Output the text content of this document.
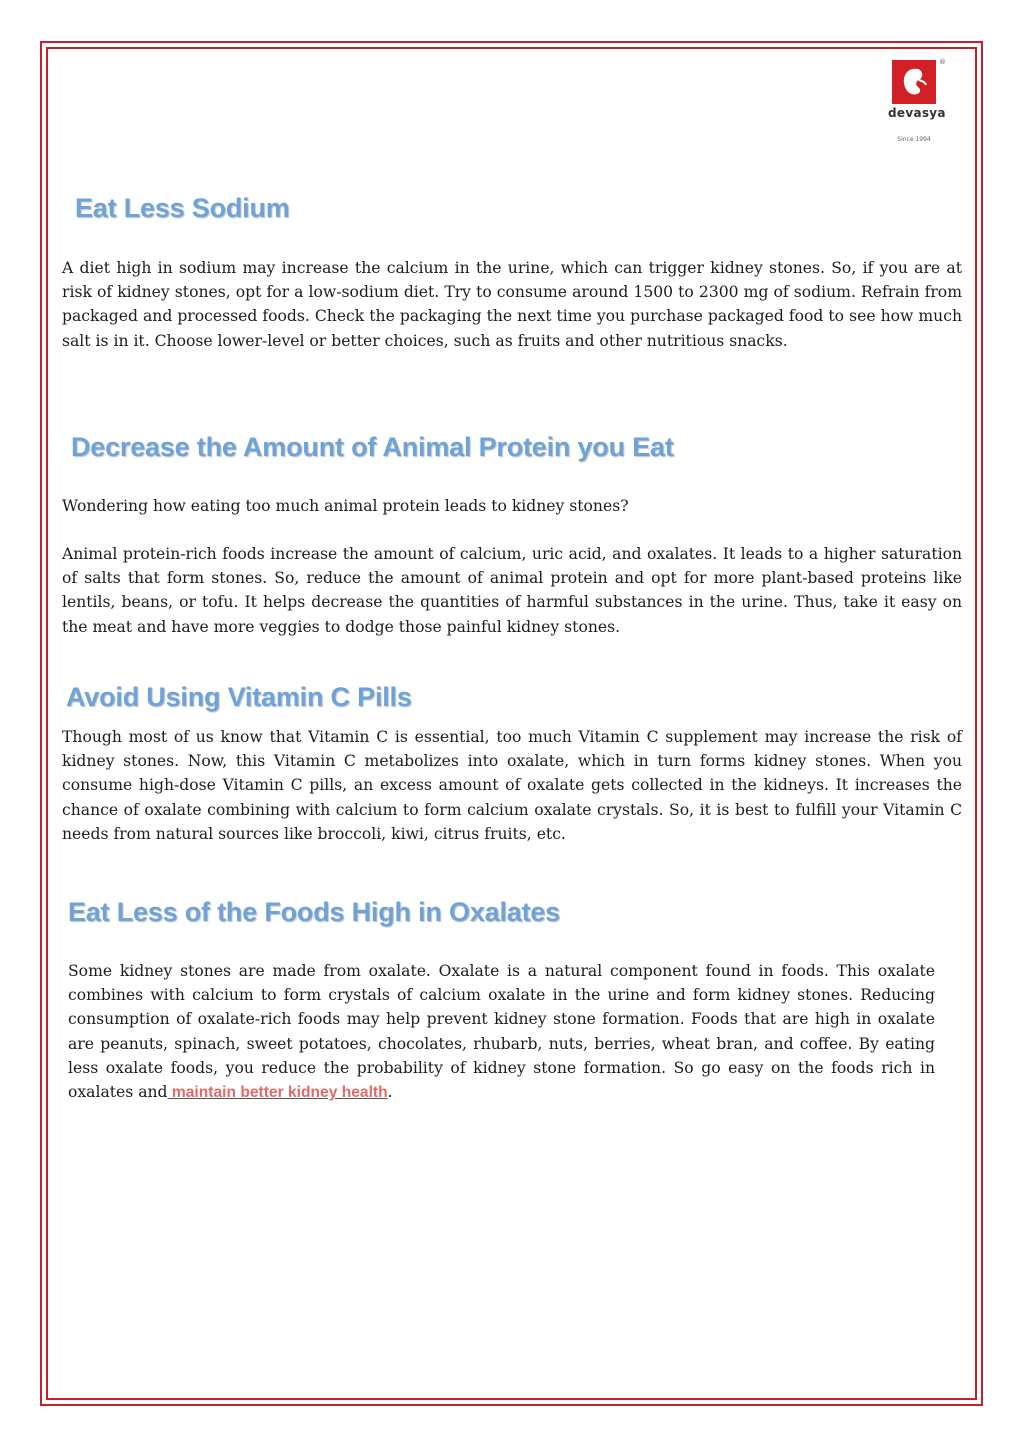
®
devasya
Since 1994
Eat Less Sodium

A diet high in sodium may increase the calcium in the urine, which can trigger kidney stones. So, if you are at risk of kidney stones, opt for a low-sodium diet. Try to consume around 1500 to 2300 mg of sodium. Refrain from packaged and processed foods. Check the packaging the next time you purchase packaged food to see how much salt is in it. Choose lower-level or better choices, such as fruits and other nutritious snacks.

Decrease the Amount of Animal Protein you Eat

Wondering how eating too much animal protein leads to kidney stones?

Animal protein-rich foods increase the amount of calcium, uric acid, and oxalates. It leads to a higher saturation of salts that form stones. So, reduce the amount of animal protein and opt for more plant-based proteins like lentils, beans, or tofu. It helps decrease the quantities of harmful substances in the urine. Thus, take it easy on the meat and have more veggies to dodge those painful kidney stones.

Avoid Using Vitamin C Pills

Though most of us know that Vitamin C is essential, too much Vitamin C supplement may increase the risk of kidney stones. Now, this Vitamin C metabolizes into oxalate, which in turn forms kidney stones. When you consume high-dose Vitamin C pills, an excess amount of oxalate gets collected in the kidneys. It increases the chance of oxalate combining with calcium to form calcium oxalate crystals. So, it is best to fulfill your Vitamin C needs from natural sources like broccoli, kiwi, citrus fruits, etc.

Eat Less of the Foods High in Oxalates

Some kidney stones are made from oxalate. Oxalate is a natural component found in foods. This oxalate combines with calcium to form crystals of calcium oxalate in the urine and form kidney stones. Reducing consumption of oxalate-rich foods may help prevent kidney stone formation. Foods that are high in oxalate are peanuts, spinach, sweet potatoes, chocolates, rhubarb, nuts, berries, wheat bran, and coffee. By eating less oxalate foods, you reduce the probability of kidney stone formation. So go easy on the foods rich in oxalates and maintain better kidney health.
